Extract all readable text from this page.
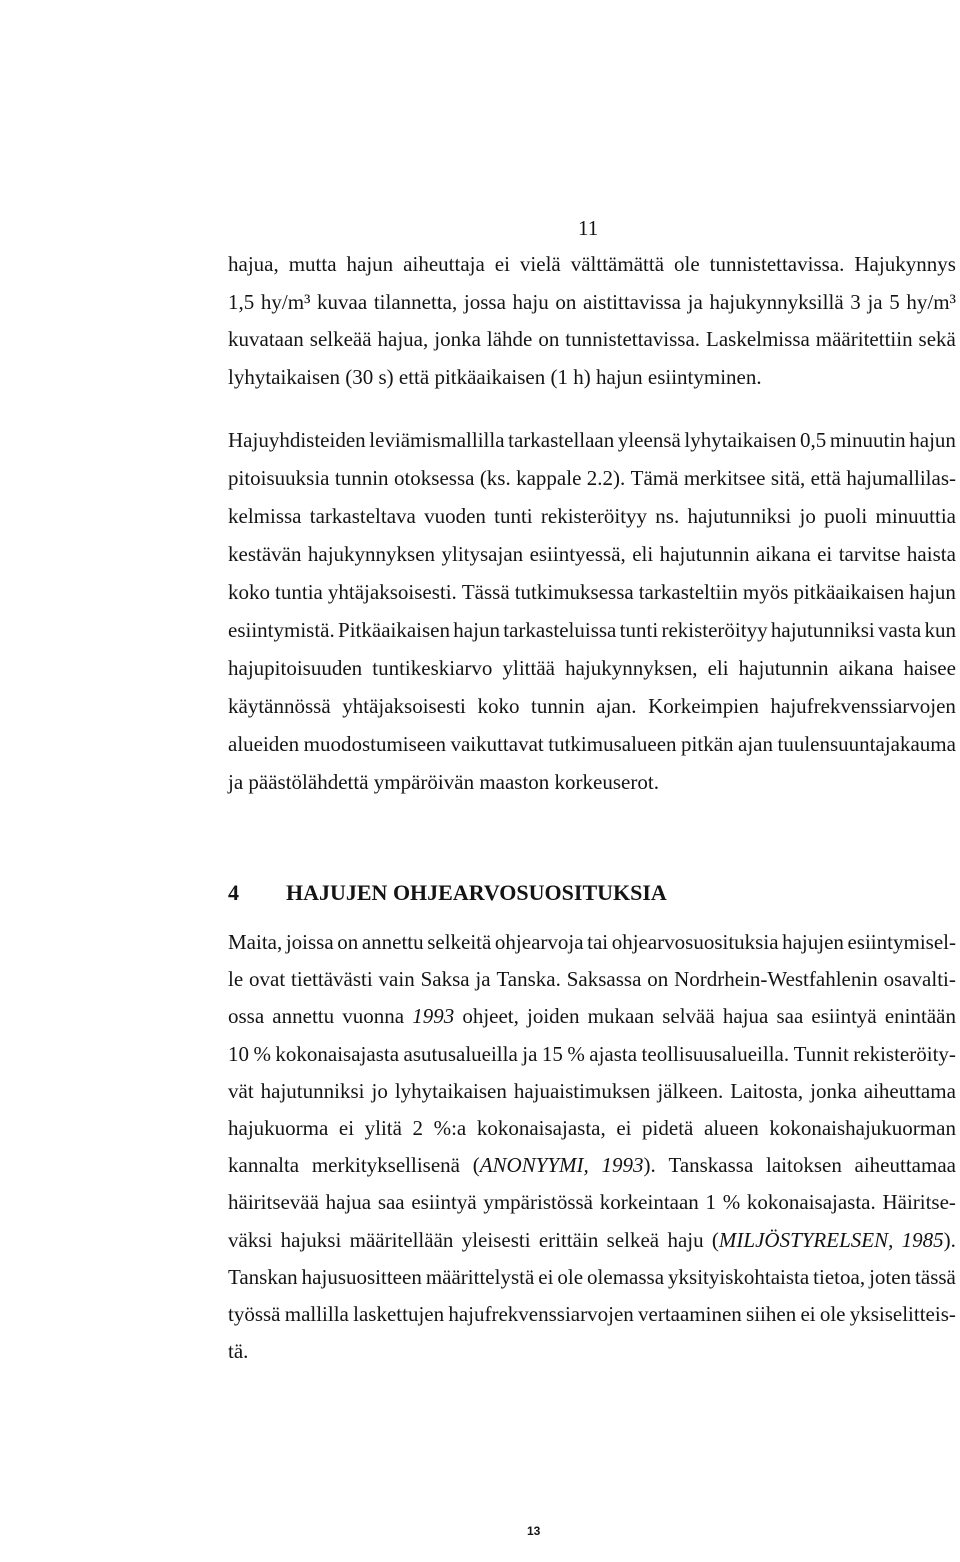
11
hajua, mutta hajun aiheuttaja ei vielä välttämättä ole tunnistettavissa. Hajukynnys
1,5 hy/m³ kuvaa tilannetta, jossa haju on aistittavissa ja hajukynnyksillä 3 ja 5 hy/m³
kuvataan selkeää hajua, jonka lähde on tunnistettavissa. Laskelmissa määritettiin sekä
lyhytaikaisen (30 s) että pitkäaikaisen (1 h) hajun esiintyminen.
Hajuyhdisteiden leviämismallilla tarkastellaan yleensä lyhytaikaisen 0,5 minuutin hajun
pitoisuuksia tunnin otoksessa (ks. kappale 2.2). Tämä merkitsee sitä, että hajumallilas-
kelmissa tarkasteltava vuoden tunti rekisteröityy ns. hajutunniksi jo puoli minuuttia
kestävän hajukynnyksen ylitysajan esiintyessä, eli hajutunnin aikana ei tarvitse haista
koko tuntia yhtäjaksoisesti. Tässä tutkimuksessa tarkasteltiin myös pitkäaikaisen hajun
esiintymistä. Pitkäaikaisen hajun tarkasteluissa tunti rekisteröityy hajutunniksi vasta kun
hajupitoisuuden tuntikeskiarvo ylittää hajukynnyksen, eli hajutunnin aikana haisee
käytännössä yhtäjaksoisesti koko tunnin ajan. Korkeimpien hajufrekvenssiarvojen
alueiden muodostumiseen vaikuttavat tutkimusalueen pitkän ajan tuulensuuntajakauma
ja päästölähdettä ympäröivän maaston korkeuserot.
4 HAJUJEN OHJEARVOSUOSITUKSIA
Maita, joissa on annettu selkeitä ohjearvoja tai ohjearvosuosituksia hajujen esiintymisel-
le ovat tiettävästi vain Saksa ja Tanska. Saksassa on Nordrhein-Westfahlenin osavalti-
ossa annettu vuonna 1993 ohjeet, joiden mukaan selvää hajua saa esiintyä enintään
10 % kokonaisajasta asutusalueilla ja 15 % ajasta teollisuusalueilla. Tunnit rekisteröity-
vät hajutunniksi jo lyhytaikaisen hajuaistimuksen jälkeen. Laitosta, jonka aiheuttama
hajukuorma ei ylitä 2 %:a kokonaisajasta, ei pidetä alueen kokonaishajukuorman
kannalta merkityksellisenä (ANONYYMI, 1993). Tanskassa laitoksen aiheuttamaa
häiritsevää hajua saa esiintyä ympäristössä korkeintaan 1 % kokonaisajasta. Häiritse-
väksi hajuksi määritellään yleisesti erittäin selkeä haju (MILJÖSTYRELSEN, 1985).
Tanskan hajusuositteen määrittelystä ei ole olemassa yksityiskohtaista tietoa, joten tässä
työssä mallilla laskettujen hajufrekvenssiarvojen vertaaminen siihen ei ole yksiselitteis-
tä.
13
